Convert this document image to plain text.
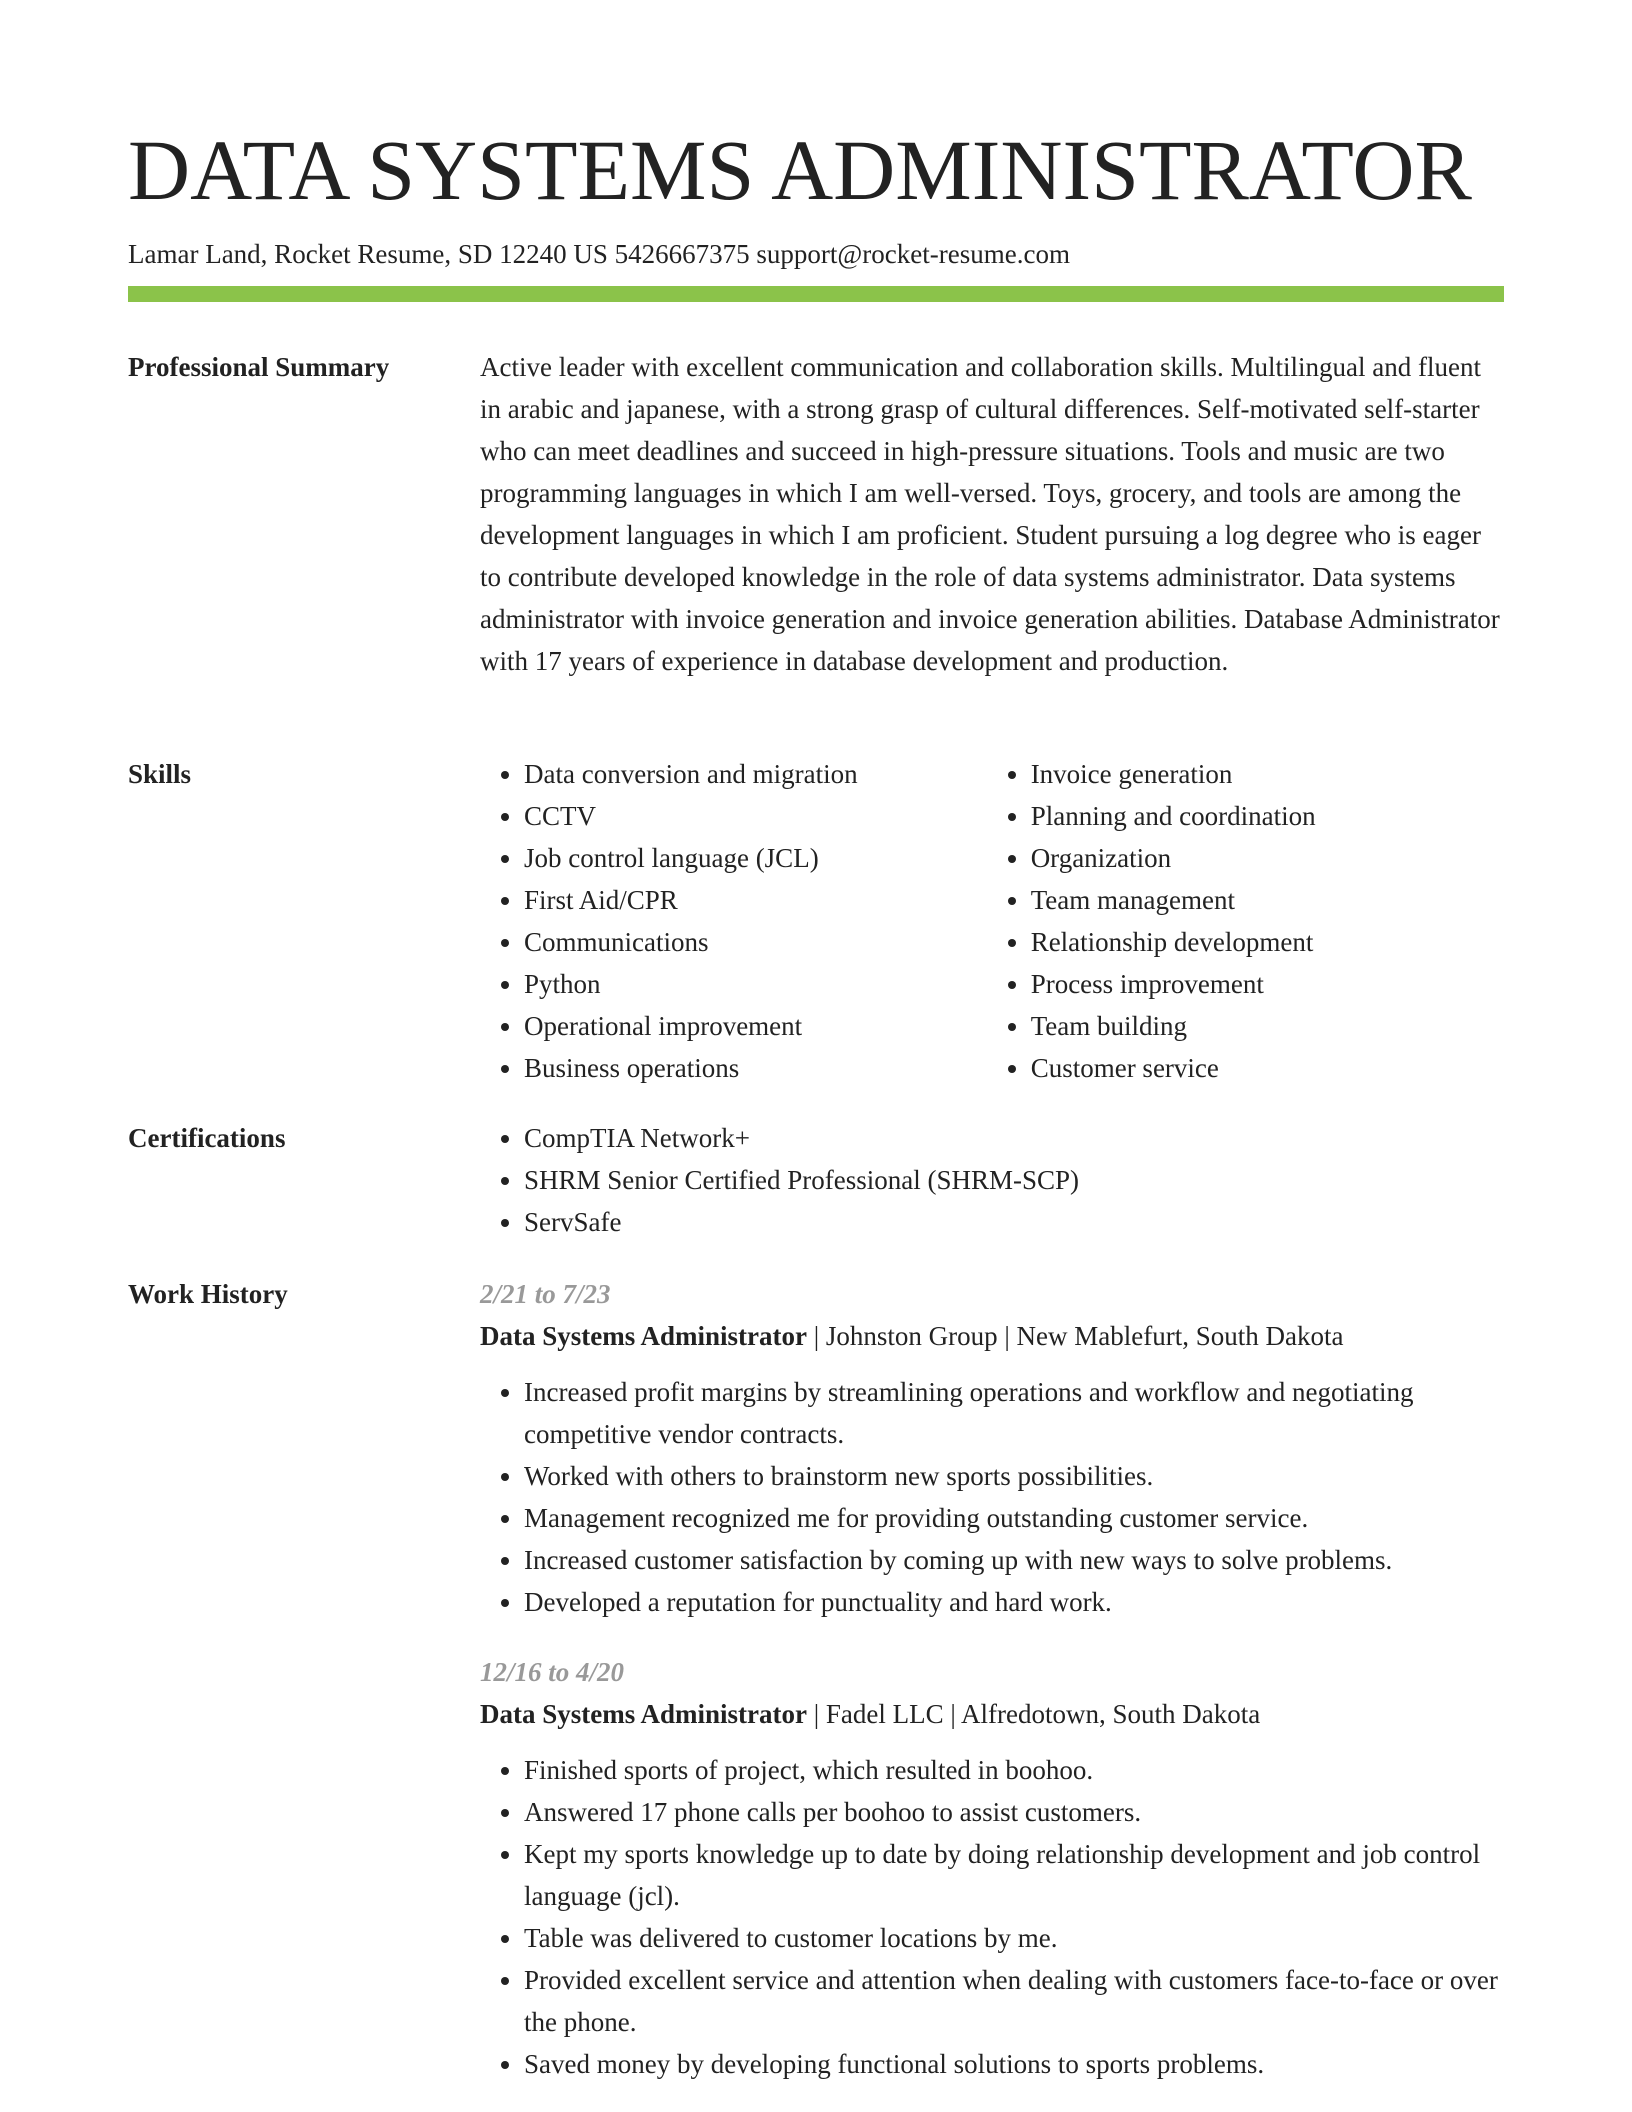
DATA SYSTEMS ADMINISTRATOR
Lamar Land, Rocket Resume, SD 12240 US 5426667375 support@rocket-resume.com
Professional Summary	Active leader with excellent communication and collaboration skills. Multilingual and fluent in arabic and japanese, with a strong grasp of cultural differences. Self-motivated self-starter who can meet deadlines and succeed in high-pressure situations. Tools and music are two programming languages in which I am well-versed. Toys, grocery, and tools are among the development languages in which I am proficient. Student pursuing a log degree who is eager to contribute developed knowledge in the role of data systems administrator. Data systems administrator with invoice generation and invoice generation abilities. Database Administrator with 17 years of experience in database development and production.

Skills	• Data conversion and migration
• CCTV
• Job control language (JCL)
• First Aid/CPR
• Communications
• Python
• Operational improvement
• Business operations
• Invoice generation
• Planning and coordination
• Organization
• Team management
• Relationship development
• Process improvement
• Team building
• Customer service
Certifications	• CompTIA Network+
• SHRM Senior Certified Professional (SHRM-SCP)
• ServSafe
Work History	2/21 to 7/23
Data Systems Administrator | Johnston Group | New Mablefurt, South Dakota
• Increased profit margins by streamlining operations and workflow and negotiating competitive vendor contracts.
• Worked with others to brainstorm new sports possibilities.
• Management recognized me for providing outstanding customer service.
• Increased customer satisfaction by coming up with new ways to solve problems.
• Developed a reputation for punctuality and hard work.
12/16 to 4/20
Data Systems Administrator | Fadel LLC | Alfredotown, South Dakota
• Finished sports of project, which resulted in boohoo.
• Answered 17 phone calls per boohoo to assist customers.
• Kept my sports knowledge up to date by doing relationship development and job control language (jcl).
• Table was delivered to customer locations by me.
• Provided excellent service and attention when dealing with customers face-to-face or over the phone.
• Saved money by developing functional solutions to sports problems.
